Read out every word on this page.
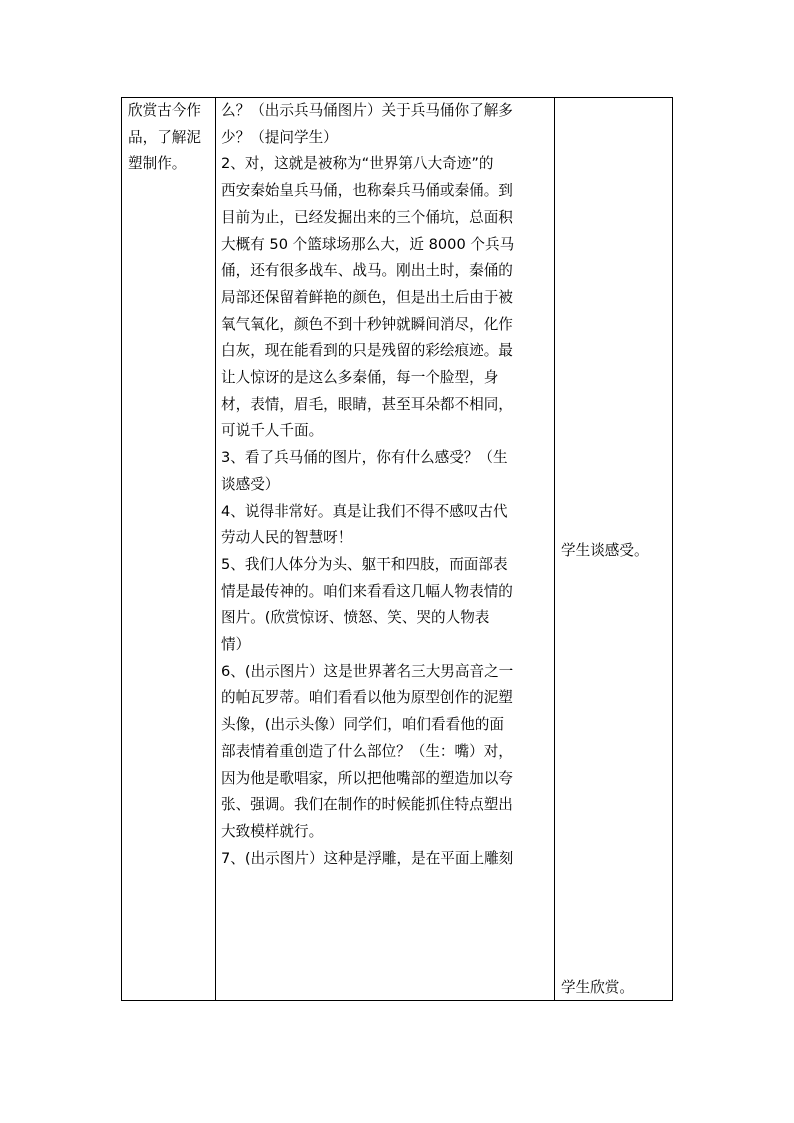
欣赏古今作
品，了解泥
塑制作。
么？（出示兵马俑图片）关于兵马俑你了解多
少？（提问学生）
2、对，这就是被称为“世界第八大奇迹”的
西安秦始皇兵马俑，也称秦兵马俑或秦俑。到
目前为止，已经发掘出来的三个俑坑，总面积
大概有 50 个篮球场那么大，近 8000 个兵马
俑，还有很多战车、战马。刚出土时，秦俑的
局部还保留着鲜艳的颜色，但是出土后由于被
氧气氧化，颜色不到十秒钟就瞬间消尽，化作
白灰，现在能看到的只是残留的彩绘痕迹。最
让人惊讶的是这么多秦俑，每一个脸型，身
材，表情，眉毛，眼睛，甚至耳朵都不相同，
可说千人千面。
3、看了兵马俑的图片，你有什么感受？（生
谈感受）
4、说得非常好。真是让我们不得不感叹古代
劳动人民的智慧呀！
5、我们人体分为头、躯干和四肢，而面部表
情是最传神的。咱们来看看这几幅人物表情的
图片。(欣赏惊讶、愤怒、笑、哭的人物表
情）
6、(出示图片）这是世界著名三大男高音之一
的帕瓦罗蒂。咱们看看以他为原型创作的泥塑
头像，(出示头像）同学们，咱们看看他的面
部表情着重创造了什么部位？（生：嘴）对，
因为他是歌唱家，所以把他嘴部的塑造加以夸
张、强调。我们在制作的时候能抓住特点塑出
大致模样就行。
7、(出示图片）这种是浮雕，是在平面上雕刻
学生谈感受。
学生欣赏。
